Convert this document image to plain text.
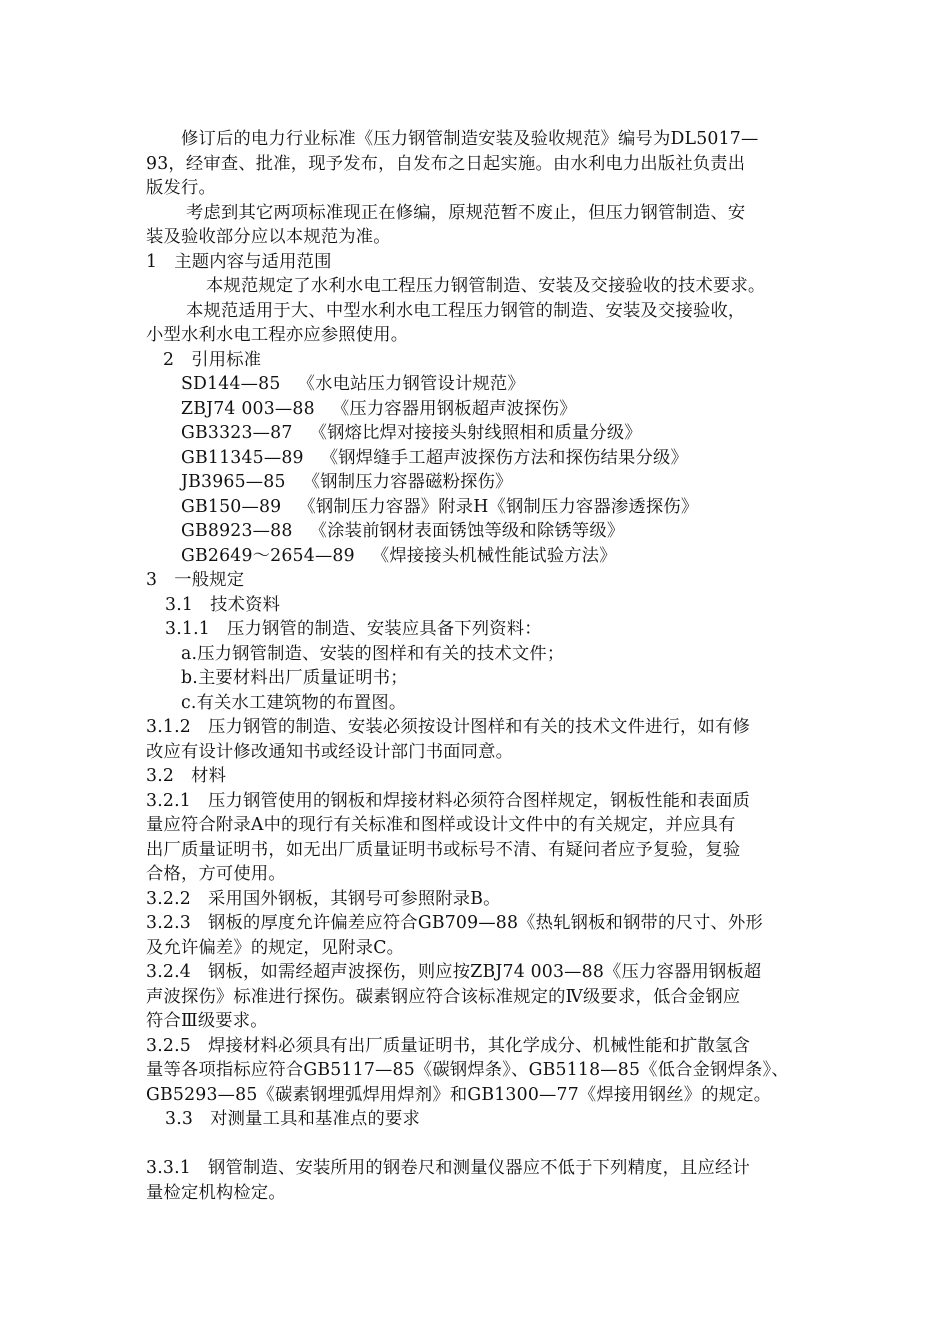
修订后的电力行业标准《压力钢管制造安装及验收规范》编号为DL5017—
93，经审查、批准，现予发布，自发布之日起实施。由水利电力出版社负责出
版发行。
考虑到其它两项标准现正在修编，原规范暂不废止，但压力钢管制造、安
装及验收部分应以本规范为准。
1   主题内容与适用范围
本规范规定了水利水电工程压力钢管制造、安装及交接验收的技术要求。
本规范适用于大、中型水利水电工程压力钢管的制造、安装及交接验收，
小型水利水电工程亦应参照使用。
2   引用标准
SD144—85   《水电站压力钢管设计规范》
ZBJ74 003—88   《压力容器用钢板超声波探伤》
GB3323—87   《钢熔比焊对接接头射线照相和质量分级》
GB11345—89   《钢焊缝手工超声波探伤方法和探伤结果分级》
JB3965—85   《钢制压力容器磁粉探伤》
GB150—89   《钢制压力容器》附录H《钢制压力容器渗透探伤》
GB8923—88   《涂装前钢材表面锈蚀等级和除锈等级》
GB2649～2654—89   《焊接接头机械性能试验方法》
3   一般规定
3.1   技术资料
3.1.1   压力钢管的制造、安装应具备下列资料：
a.压力钢管制造、安装的图样和有关的技术文件；
b.主要材料出厂质量证明书；
c.有关水工建筑物的布置图。
3.1.2   压力钢管的制造、安装必须按设计图样和有关的技术文件进行，如有修
改应有设计修改通知书或经设计部门书面同意。
3.2   材料
3.2.1   压力钢管使用的钢板和焊接材料必须符合图样规定，钢板性能和表面质
量应符合附录A中的现行有关标准和图样或设计文件中的有关规定，并应具有
出厂质量证明书，如无出厂质量证明书或标号不清、有疑问者应予复验，复验
合格，方可使用。
3.2.2   采用国外钢板，其钢号可参照附录B。
3.2.3   钢板的厚度允许偏差应符合GB709—88《热轧钢板和钢带的尺寸、外形
及允许偏差》的规定，见附录C。
3.2.4   钢板，如需经超声波探伤，则应按ZBJ74 003—88《压力容器用钢板超
声波探伤》标准进行探伤。碳素钢应符合该标准规定的Ⅳ级要求，低合金钢应
符合Ⅲ级要求。
3.2.5   焊接材料必须具有出厂质量证明书，其化学成分、机械性能和扩散氢含
量等各项指标应符合GB5117—85《碳钢焊条》、GB5118—85《低合金钢焊条》、
GB5293—85《碳素钢埋弧焊用焊剂》和GB1300—77《焊接用钢丝》的规定。
3.3   对测量工具和基准点的要求
3.3.1   钢管制造、安装所用的钢卷尺和测量仪器应不低于下列精度，且应经计
量检定机构检定。
